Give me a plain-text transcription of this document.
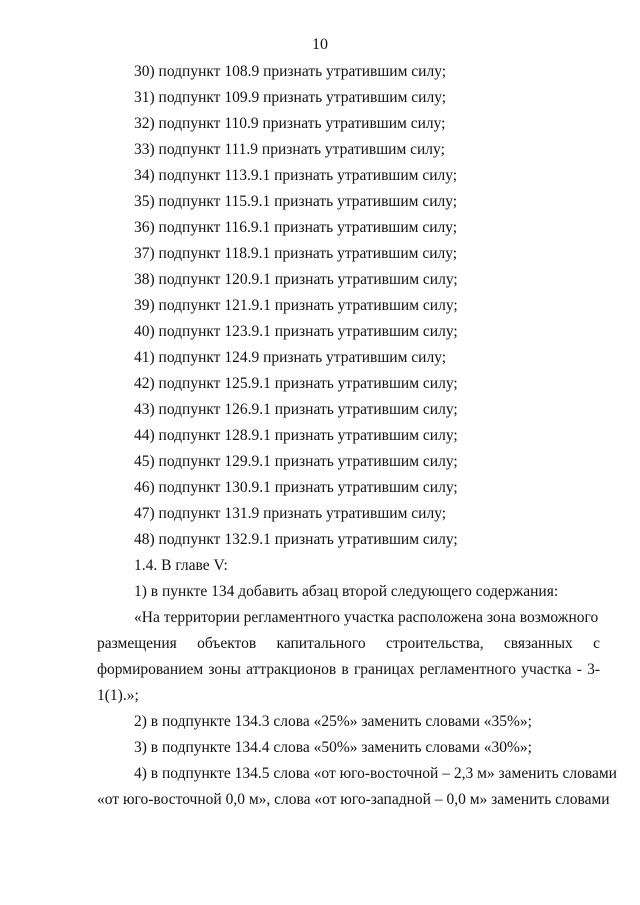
10
30) подпункт 108.9 признать утратившим силу;
31) подпункт 109.9 признать утратившим силу;
32) подпункт 110.9 признать утратившим силу;
33) подпункт 111.9 признать утратившим силу;
34) подпункт 113.9.1 признать утратившим силу;
35) подпункт 115.9.1 признать утратившим силу;
36) подпункт 116.9.1 признать утратившим силу;
37) подпункт 118.9.1 признать утратившим силу;
38) подпункт 120.9.1 признать утратившим силу;
39) подпункт 121.9.1 признать утратившим силу;
40) подпункт 123.9.1 признать утратившим силу;
41) подпункт 124.9 признать утратившим силу;
42) подпункт 125.9.1 признать утратившим силу;
43) подпункт 126.9.1 признать утратившим силу;
44) подпункт 128.9.1 признать утратившим силу;
45) подпункт 129.9.1 признать утратившим силу;
46) подпункт 130.9.1 признать утратившим силу;
47) подпункт 131.9 признать утратившим силу;
48) подпункт 132.9.1 признать утратившим силу;
1.4. В главе V:
1) в пункте 134 добавить абзац второй следующего содержания:
«На территории регламентного участка расположена зона возможного
размещения объектов капитального строительства, связанных с
формированием зоны аттракционов в границах регламентного участка - 3-
1(1).»;
2) в подпункте 134.3 слова «25%» заменить словами «35%»;
3) в подпункте 134.4 слова «50%» заменить словами «30%»;
4) в подпункте 134.5 слова «от юго-восточной – 2,3 м» заменить словами
«от юго-восточной 0,0 м», слова «от юго-западной – 0,0 м» заменить словами
